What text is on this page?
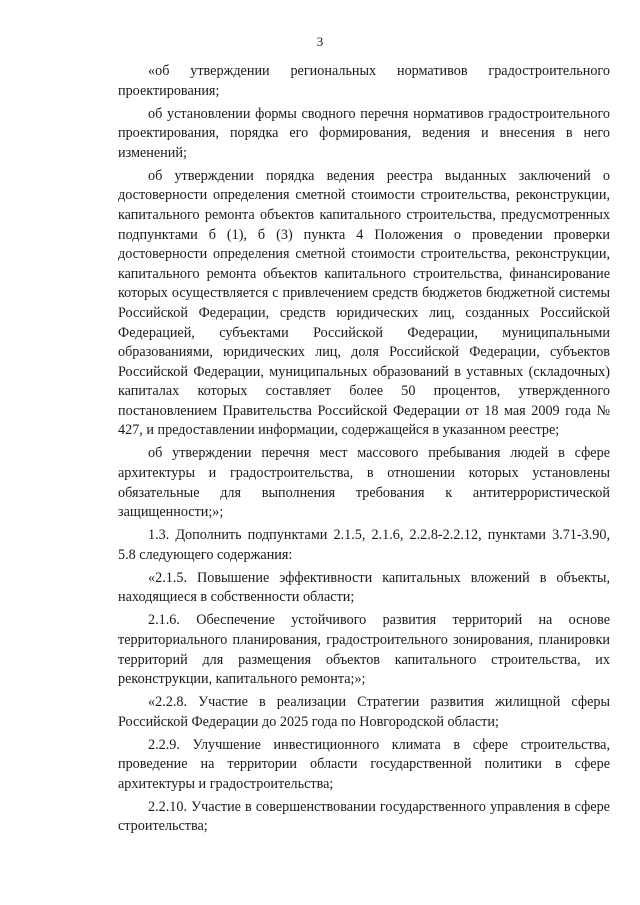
3

«об утверждении региональных нормативов градостроительного проектирования;

об установлении формы сводного перечня нормативов градостроительного проектирования, порядка его формирования, ведения и внесения в него изменений;

об утверждении порядка ведения реестра выданных заключений о достоверности определения сметной стоимости строительства, реконструкции, капитального ремонта объектов капитального строительства, предусмотренных подпунктами б (1), б (3) пункта 4 Положения о проведении проверки достоверности определения сметной стоимости строительства, реконструкции, капитального ремонта объектов капитального строительства, финансирование которых осуществляется с привлечением средств бюджетов бюджетной системы Российской Федерации, средств юридических лиц, созданных Российской Федерацией, субъектами Российской Федерации, муниципальными образованиями, юридических лиц, доля Российской Федерации, субъектов Российской Федерации, муниципальных образований в уставных (складочных) капиталах которых составляет более 50 процентов, утвержденного постановлением Правительства Российской Федерации от 18 мая 2009 года № 427, и предоставлении информации, содержащейся в указанном реестре;

об утверждении перечня мест массового пребывания людей в сфере архитектуры и градостроительства, в отношении которых установлены обязательные для выполнения требования к антитеррористической защищенности;»;

1.3. Дополнить подпунктами 2.1.5, 2.1.6, 2.2.8-2.2.12, пунктами 3.71-3.90, 5.8 следующего содержания:

«2.1.5. Повышение эффективности капитальных вложений в объекты, находящиеся в собственности области;

2.1.6. Обеспечение устойчивого развития территорий на основе территориального планирования, градостроительного зонирования, планировки территорий для размещения объектов капитального строительства, их реконструкции, капитального ремонта;»;

«2.2.8. Участие в реализации Стратегии развития жилищной сферы Российской Федерации до 2025 года по Новгородской области;

2.2.9. Улучшение инвестиционного климата в сфере строительства, проведение на территории области государственной политики в сфере архитектуры и градостроительства;

2.2.10. Участие в совершенствовании государственного управления в сфере строительства;
